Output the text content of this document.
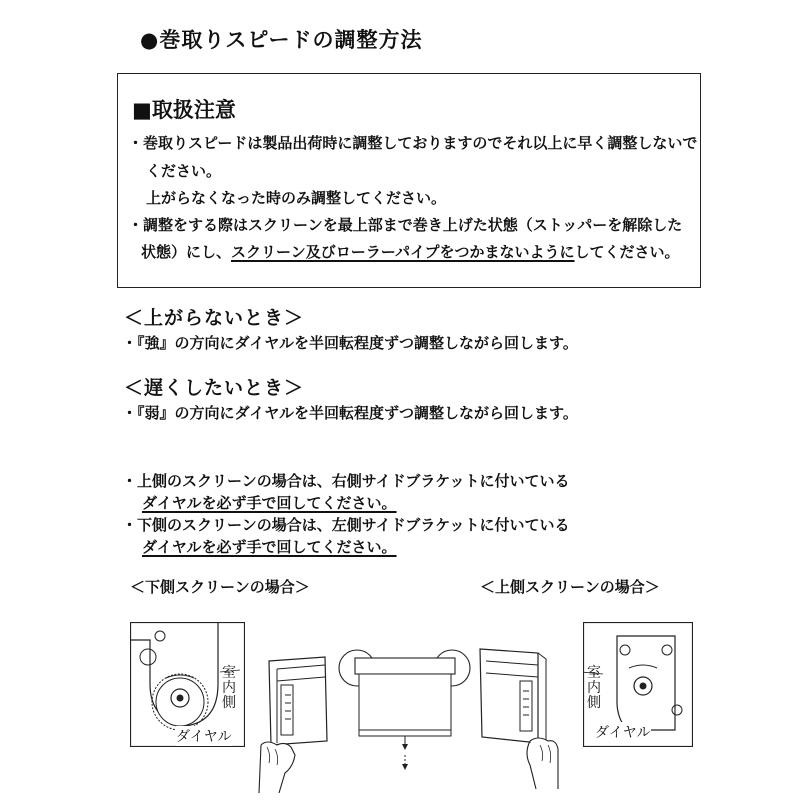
●巻取りスピードの調整方法
■取扱注意
・巻取りスピードは製品出荷時に調整しておりますのでそれ以上に早く調整しないで
ください。
上がらなくなった時のみ調整してください。
・調整をする際はスクリーンを最上部まで巻き上げた状態（ストッパーを解除した
状態）にし、スクリーン及びローラーパイプをつかまないようにしてください。
＜上がらないとき＞
・『強』の方向にダイヤルを半回転程度ずつ調整しながら回します。
＜遅くしたいとき＞
・『弱』の方向にダイヤルを半回転程度ずつ調整しながら回します。
・上側のスクリーンの場合は、右側サイドブラケットに付いている
ダイヤルを必ず手で回してください。
・下側のスクリーンの場合は、左側サイドブラケットに付いている
ダイヤルを必ず手で回してください。
＜下側スクリーンの場合＞	＜上側スクリーンの場合＞
室
内
側
ダイヤル
室
内
側
ダイヤル
